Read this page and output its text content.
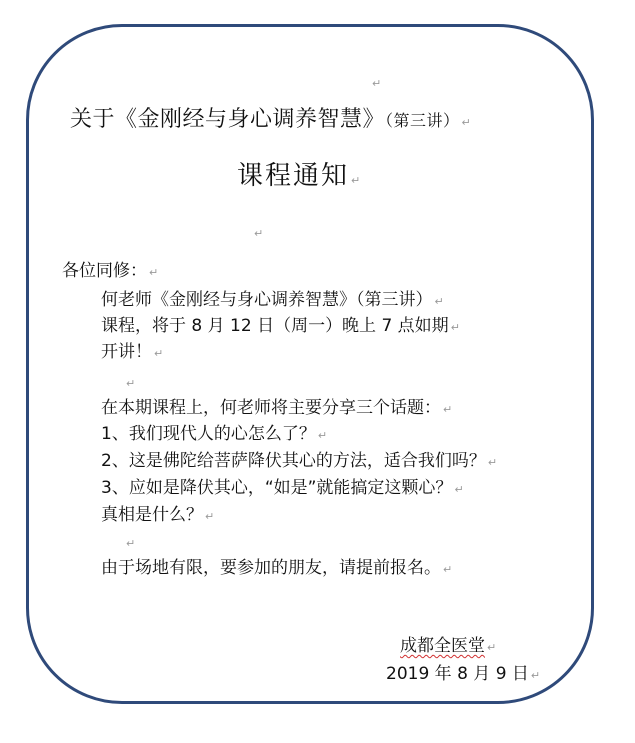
↵
↵
↵
↵
关于《金刚经与身心调养智慧》（第三讲） ↵
课程通知 ↵
各位同修： ↵
何老师《金刚经与身心调养智慧》（第三讲） ↵
课程，将于 8 月 12 日（周一）晚上 7 点如期 ↵
开讲！ ↵
在本期课程上，何老师将主要分享三个话题： ↵
1、我们现代人的心怎么了？ ↵
2、这是佛陀给菩萨降伏其心的方法，适合我们吗？ ↵
3、应如是降伏其心，“如是”就能搞定这颗心？ ↵
真相是什么？ ↵
由于场地有限，要参加的朋友，请提前报名。 ↵
成都全医堂 ↵
2019 年 8 月 9 日 ↵
